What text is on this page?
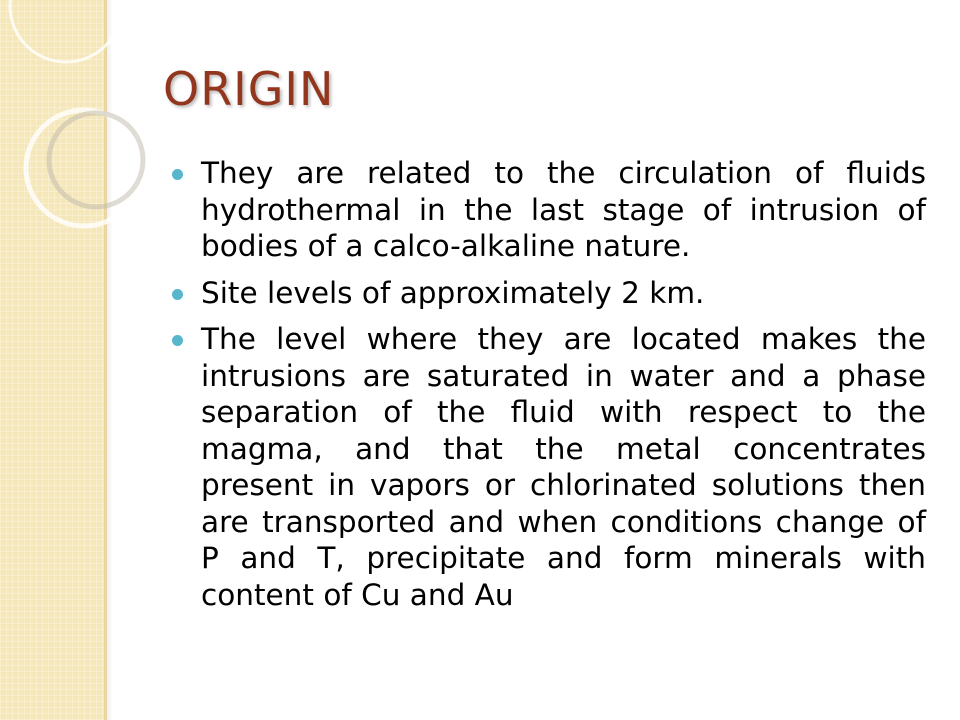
ORIGIN
They are related to the circulation of fluids hydrothermal in the last stage of intrusion of bodies of a calco-alkaline nature.
Site levels of approximately 2 km.
The level where they are located makes the intrusions are saturated in water and a phase separation of the fluid with respect to the magma, and that the metal concentrates present in vapors or chlorinated solutions then are transported and when conditions change of P and T, precipitate and form minerals with content of Cu and Au
